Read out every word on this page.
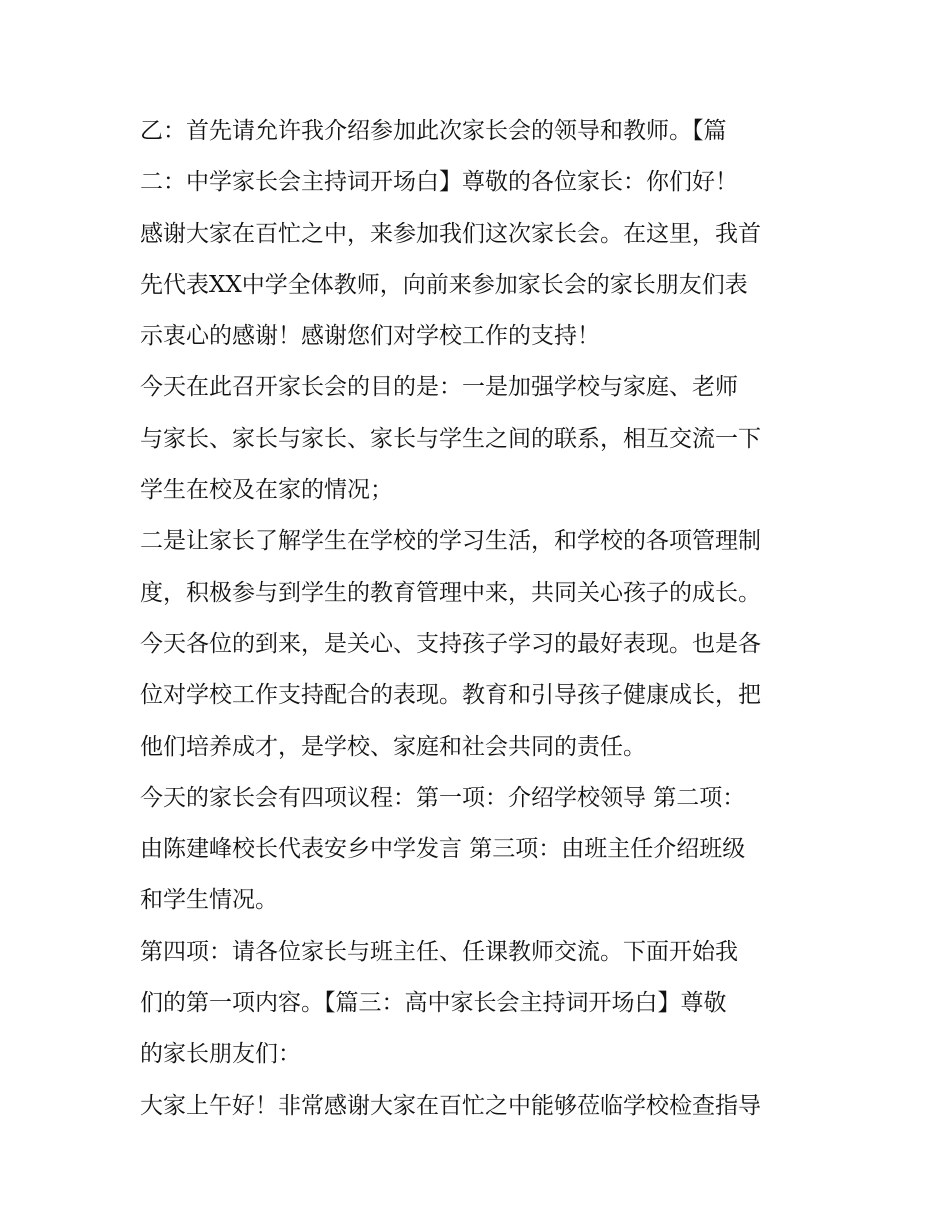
乙：首先请允许我介绍参加此次家长会的领导和教师。【篇
二：中学家长会主持词开场白】尊敬的各位家长：你们好！
感谢大家在百忙之中，来参加我们这次家长会。在这里，我首
先代表XX中学全体教师，向前来参加家长会的家长朋友们表
示衷心的感谢！感谢您们对学校工作的支持！
今天在此召开家长会的目的是：一是加强学校与家庭、老师
与家长、家长与家长、家长与学生之间的联系，相互交流一下
学生在校及在家的情况；
二是让家长了解学生在学校的学习生活，和学校的各项管理制
度，积极参与到学生的教育管理中来，共同关心孩子的成长。
今天各位的到来，是关心、支持孩子学习的最好表现。也是各
位对学校工作支持配合的表现。教育和引导孩子健康成长，把
他们培养成才，是学校、家庭和社会共同的责任。
今天的家长会有四项议程：第一项：介绍学校领导 第二项：
由陈建峰校长代表安乡中学发言 第三项：由班主任介绍班级
和学生情况。
第四项：请各位家长与班主任、任课教师交流。下面开始我
们的第一项内容。【篇三：高中家长会主持词开场白】尊敬
的家长朋友们：
大家上午好！非常感谢大家在百忙之中能够莅临学校检查指导
